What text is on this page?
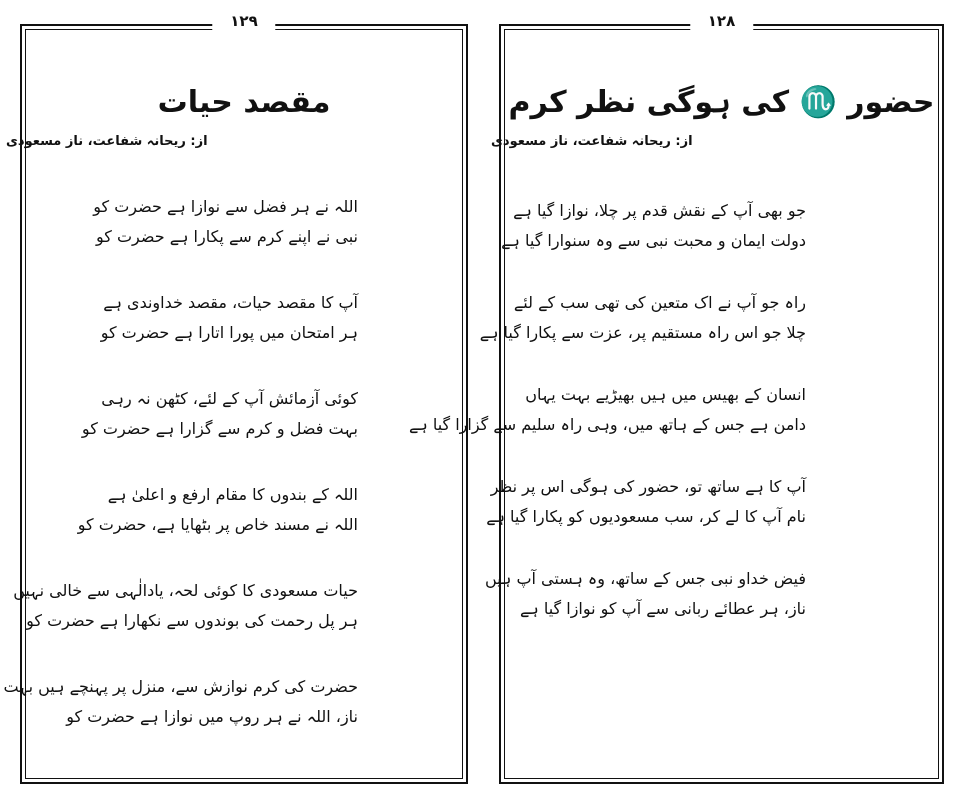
۱۲۹
مقصد حیات
از: ریحانہ شفاعت، ناز مسعودی
اللہ نے ہر فضل سے نوازا ہے حضرت کو
نبی نے اپنے کرم سے پکارا ہے حضرت کو
آپ کا مقصد حیات، مقصد خداوندی ہے
ہر امتحان میں پورا اتارا ہے حضرت کو
کوئی آزمائش آپ کے لئے، کٹھن نہ رہی
بہت فضل و کرم سے گزارا ہے حضرت کو
اللہ کے بندوں کا مقام ارفع و اعلیٰ ہے
اللہ نے مسند خاص پر بٹھایا ہے، حضرت کو
حیات مسعودی کا کوئی لحہ، یادالٰہی سے خالی نہیں
ہر پل رحمت کی بوندوں سے نکھارا ہے حضرت کو
حضرت کی کرم نوازش سے، منزل پر پہنچے ہیں بہت
ناز، اللہ نے ہر روپ میں نوازا ہے حضرت کو
۱۲۸
حضور ♏ کی ہوگی نظر کرم
از: ریحانہ شفاعت، ناز مسعودی
جو بھی آپ کے نقش قدم پر چلا، نوازا گیا ہے
دولت ایمان و محبت نبی سے وہ سنوارا گیا ہے
راہ جو آپ نے اک متعین کی تھی سب کے لئے
چلا جو اس راہ مستقیم پر، عزت سے پکارا گیا ہے
انسان کے بھیس میں ہیں بھیڑیے بہت یہاں
دامن ہے جس کے ہاتھ میں، وہی راہ سلیم سے گزارا گیا ہے
آپ کا ہے ساتھ تو، حضور کی ہوگی اس پر نظر
نام آپ کا لے کر، سب مسعودیوں کو پکارا گیا ہے
فیض خداو نبی جس کے ساتھ، وہ ہستی آپ ہیں
ناز، ہر عطائے ربانی سے آپ کو نوازا گیا ہے
